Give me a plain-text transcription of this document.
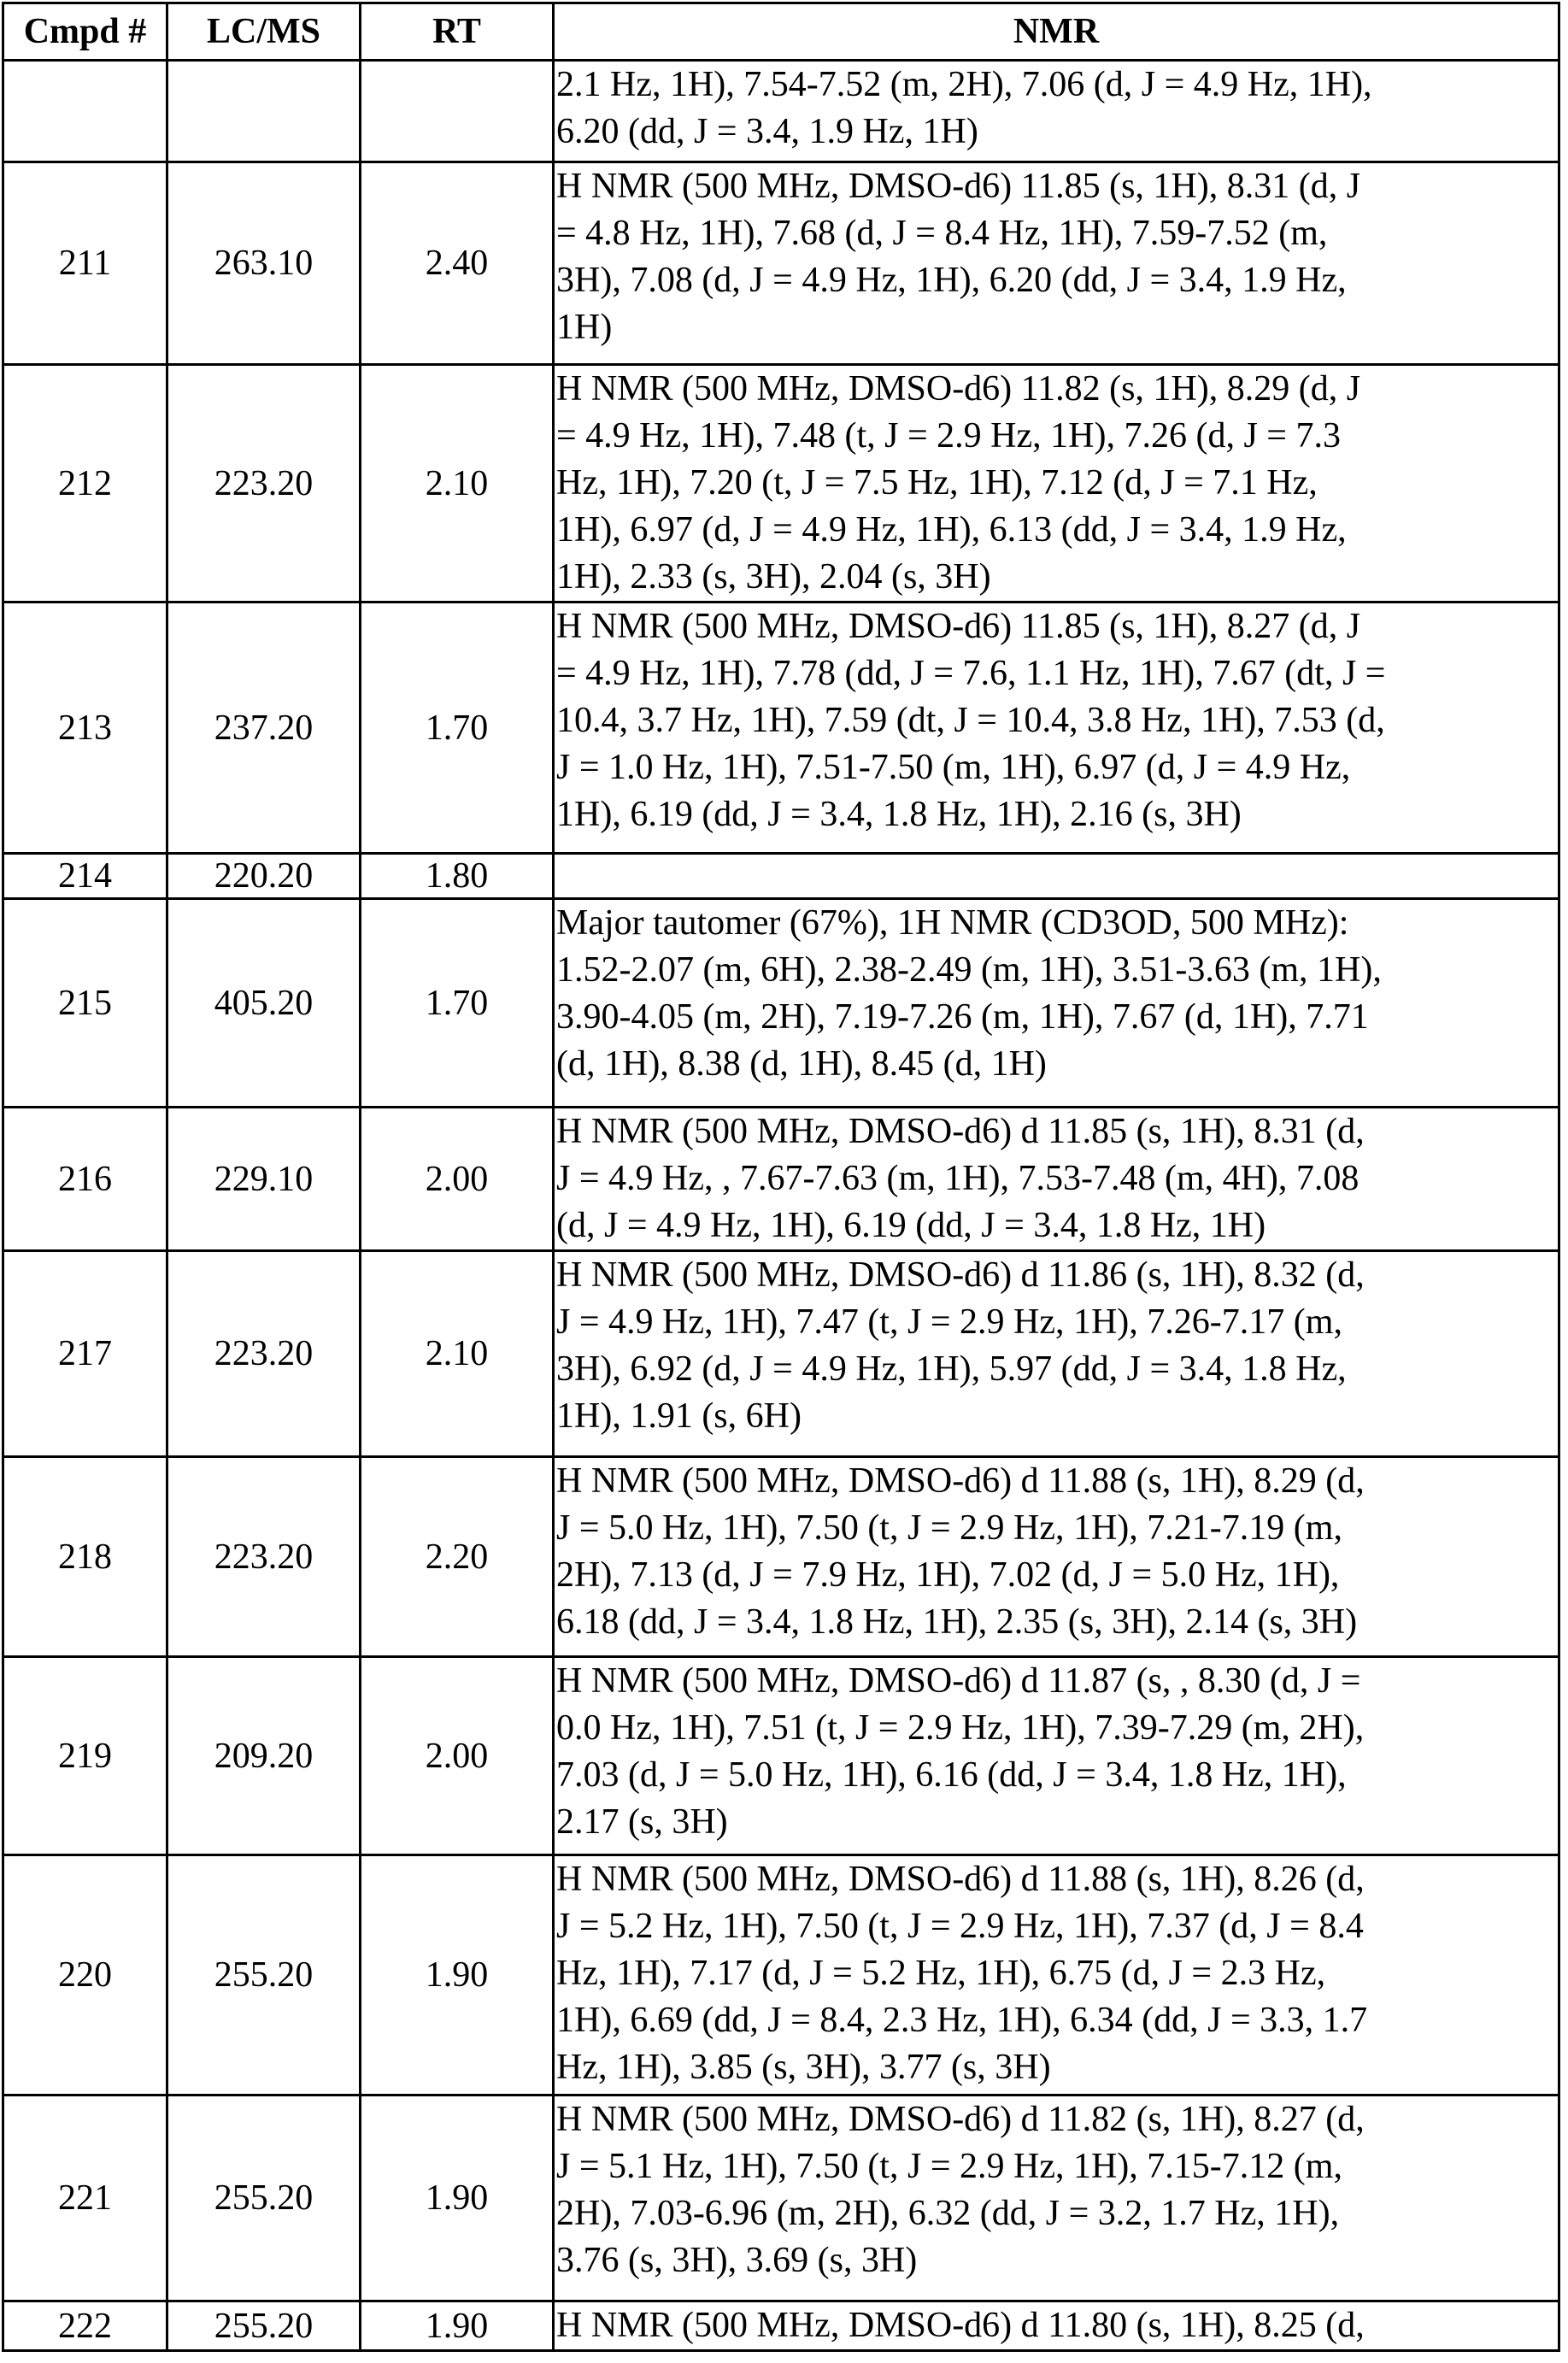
Cmpd #	LC/MS	RT	NMR

2.1 Hz, 1H), 7.54-7.52 (m, 2H), 7.06 (d, J = 4.9 Hz, 1H),
6.20 (dd, J = 3.4, 1.9 Hz, 1H)

211	263.10	2.40	
H NMR (500 MHz, DMSO-d6) 11.85 (s, 1H), 8.31 (d, J
= 4.8 Hz, 1H), 7.68 (d, J = 8.4 Hz, 1H), 7.59-7.52 (m,
3H), 7.08 (d, J = 4.9 Hz, 1H), 6.20 (dd, J = 3.4, 1.9 Hz,
1H)

212	223.20	2.10	
H NMR (500 MHz, DMSO-d6) 11.82 (s, 1H), 8.29 (d, J
= 4.9 Hz, 1H), 7.48 (t, J = 2.9 Hz, 1H), 7.26 (d, J = 7.3
Hz, 1H), 7.20 (t, J = 7.5 Hz, 1H), 7.12 (d, J = 7.1 Hz,
1H), 6.97 (d, J = 4.9 Hz, 1H), 6.13 (dd, J = 3.4, 1.9 Hz,
1H), 2.33 (s, 3H), 2.04 (s, 3H)

213	237.20	1.70	
H NMR (500 MHz, DMSO-d6) 11.85 (s, 1H), 8.27 (d, J
= 4.9 Hz, 1H), 7.78 (dd, J = 7.6, 1.1 Hz, 1H), 7.67 (dt, J =
10.4, 3.7 Hz, 1H), 7.59 (dt, J = 10.4, 3.8 Hz, 1H), 7.53 (d,
J = 1.0 Hz, 1H), 7.51-7.50 (m, 1H), 6.97 (d, J = 4.9 Hz,
1H), 6.19 (dd, J = 3.4, 1.8 Hz, 1H), 2.16 (s, 3H)

214	220.20	1.80	
215	405.20	1.70	
Major tautomer (67%), 1H NMR (CD3OD, 500 MHz):
1.52-2.07 (m, 6H), 2.38-2.49 (m, 1H), 3.51-3.63 (m, 1H),
3.90-4.05 (m, 2H), 7.19-7.26 (m, 1H), 7.67 (d, 1H), 7.71
(d, 1H), 8.38 (d, 1H), 8.45 (d, 1H)

216	229.10	2.00	
H NMR (500 MHz, DMSO-d6) d 11.85 (s, 1H), 8.31 (d,
J = 4.9 Hz, , 7.67-7.63 (m, 1H), 7.53-7.48 (m, 4H), 7.08
(d, J = 4.9 Hz, 1H), 6.19 (dd, J = 3.4, 1.8 Hz, 1H)

217	223.20	2.10	
H NMR (500 MHz, DMSO-d6) d 11.86 (s, 1H), 8.32 (d,
J = 4.9 Hz, 1H), 7.47 (t, J = 2.9 Hz, 1H), 7.26-7.17 (m,
3H), 6.92 (d, J = 4.9 Hz, 1H), 5.97 (dd, J = 3.4, 1.8 Hz,
1H), 1.91 (s, 6H)

218	223.20	2.20	
H NMR (500 MHz, DMSO-d6) d 11.88 (s, 1H), 8.29 (d,
J = 5.0 Hz, 1H), 7.50 (t, J = 2.9 Hz, 1H), 7.21-7.19 (m,
2H), 7.13 (d, J = 7.9 Hz, 1H), 7.02 (d, J = 5.0 Hz, 1H),
6.18 (dd, J = 3.4, 1.8 Hz, 1H), 2.35 (s, 3H), 2.14 (s, 3H)

219	209.20	2.00	
H NMR (500 MHz, DMSO-d6) d 11.87 (s, , 8.30 (d, J =
0.0 Hz, 1H), 7.51 (t, J = 2.9 Hz, 1H), 7.39-7.29 (m, 2H),
7.03 (d, J = 5.0 Hz, 1H), 6.16 (dd, J = 3.4, 1.8 Hz, 1H),
2.17 (s, 3H)

220	255.20	1.90	
H NMR (500 MHz, DMSO-d6) d 11.88 (s, 1H), 8.26 (d,
J = 5.2 Hz, 1H), 7.50 (t, J = 2.9 Hz, 1H), 7.37 (d, J = 8.4
Hz, 1H), 7.17 (d, J = 5.2 Hz, 1H), 6.75 (d, J = 2.3 Hz,
1H), 6.69 (dd, J = 8.4, 2.3 Hz, 1H), 6.34 (dd, J = 3.3, 1.7
Hz, 1H), 3.85 (s, 3H), 3.77 (s, 3H)

221	255.20	1.90	
H NMR (500 MHz, DMSO-d6) d 11.82 (s, 1H), 8.27 (d,
J = 5.1 Hz, 1H), 7.50 (t, J = 2.9 Hz, 1H), 7.15-7.12 (m,
2H), 7.03-6.96 (m, 2H), 6.32 (dd, J = 3.2, 1.7 Hz, 1H),
3.76 (s, 3H), 3.69 (s, 3H)

222	255.20	1.90	H NMR (500 MHz, DMSO-d6) d 11.80 (s, 1H), 8.25 (d,
